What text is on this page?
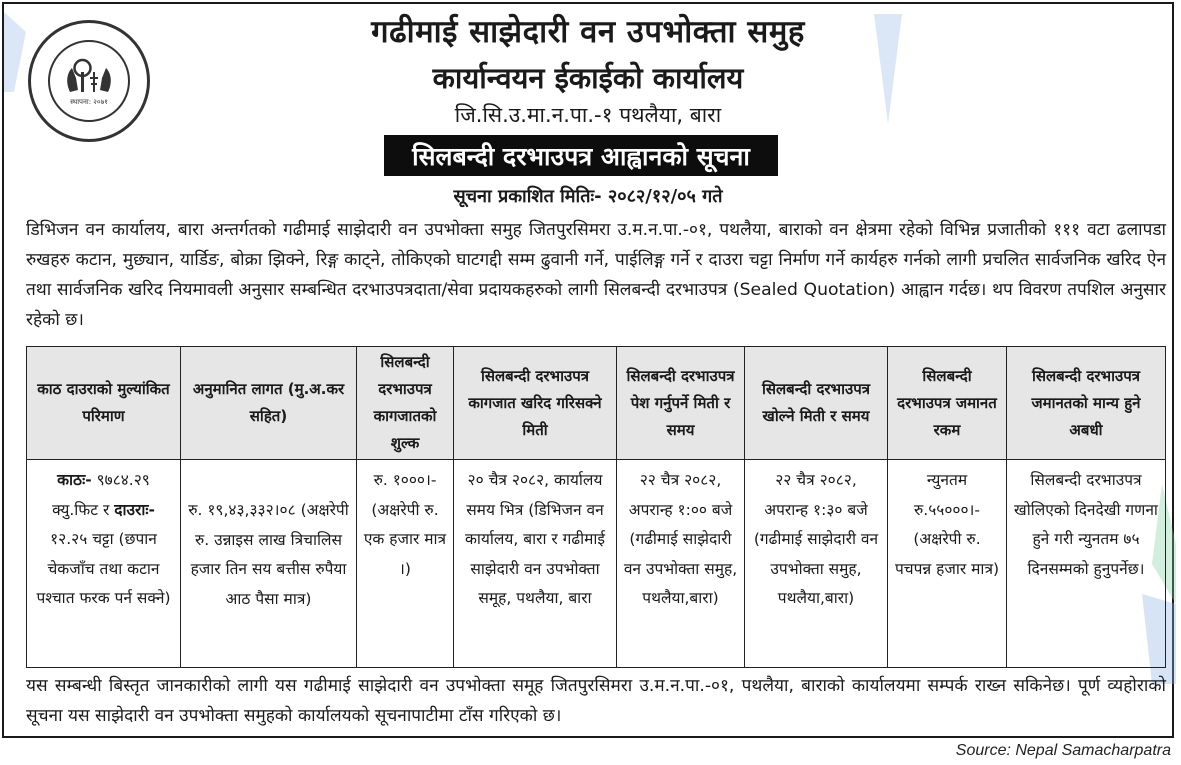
स्थापना: २०७१
गढीमाई साझेदारी वन उपभोक्ता समुह
कार्यान्वयन ईकाईको कार्यालय
जि.सि.उ.मा.न.पा.-१ पथलैया, बारा
सिलबन्दी दरभाउपत्र आह्वानको सूचना
सूचना प्रकाशित मितिः- २०८२/१२/०५ गते
डिभिजन वन कार्यालय, बारा अन्तर्गतको गढीमाई साझेदारी वन उपभोक्ता समुह जितपुरसिमरा उ.म.न.पा.-०१, पथलैया, बाराको वन क्षेत्रमा रहेको विभिन्न प्रजातीको १११ वटा ढलापडा रुखहरु कटान, मुछ्यान, यार्डिङ, बोक्रा झिक्ने, रिङ्ग काट्ने, तोकिएको घाटगद्दी सम्म ढुवानी गर्ने, पाईलिङ्ग गर्ने र दाउरा चट्टा निर्माण गर्ने कार्यहरु गर्नको लागी प्रचलित सार्वजनिक खरिद ऐन तथा सार्वजनिक खरिद नियमावली अनुसार सम्बन्धित दरभाउपत्रदाता/सेवा प्रदायकहरुको लागी सिलबन्दी दरभाउपत्र (Sealed Quotation) आह्वान गर्दछ। थप विवरण तपशिल अनुसार रहेको छ।
काठ दाउराको मुल्यांकित परिमाण	अनुमानित लागत (मु.अ.कर सहित)	सिलबन्दी दरभाउपत्र कागजातको शुल्क	सिलबन्दी दरभाउपत्र कागजात खरिद गरिसक्ने मिती	सिलबन्दी दरभाउपत्र पेश गर्नुपर्ने मिती र समय	सिलबन्दी दरभाउपत्र खोल्ने मिती र समय	सिलबन्दी दरभाउपत्र जमानत रकम	सिलबन्दी दरभाउपत्र जमानतको मान्य हुने अबधी
काठः- ९७८४.२९ क्यु.फिट र दाउराः- १२.२५ चट्टा (छपान चेकजाँच तथा कटान पश्चात फरक पर्न सक्ने)	रु. १९,४३,३३२।०८ (अक्षरेपी रु. उन्नाइस लाख त्रिचालिस हजार तिन सय बत्तीस रुपैया आठ पैसा मात्र)	रु. १०००।- (अक्षरेपी रु. एक हजार मात्र ।)	२० चैत्र २०८२, कार्यालय समय भित्र (डिभिजन वन कार्यालय, बारा र गढीमाई साझेदारी वन उपभोक्ता समूह, पथलैया, बारा	२२ चैत्र २०८२, अपरान्ह १:०० बजे (गढीमाई साझेदारी वन उपभोक्ता समुह, पथलैया,बारा)	२२ चैत्र २०८२, अपरान्ह १:३० बजे (गढीमाई साझेदारी वन उपभोक्ता समुह, पथलैया,बारा)	न्युनतम रु.५५०००।- (अक्षरेपी रु. पचपन्न हजार मात्र)	सिलबन्दी दरभाउपत्र खोलिएको दिनदेखी गणना हुने गरी न्युनतम ७५ दिनसम्मको हुनुपर्नेछ।
यस सम्बन्धी बिस्तृत जानकारीको लागी यस गढीमाई साझेदारी वन उपभोक्ता समूह जितपुरसिमरा उ.म.न.पा.-०१, पथलैया, बाराको कार्यालयमा सम्पर्क राख्न सकिनेछ। पूर्ण व्यहोराको सूचना यस साझेदारी वन उपभोक्ता समुहको कार्यालयको सूचनापाटीमा टाँस गरिएको छ।
Source: Nepal Samacharpatra
